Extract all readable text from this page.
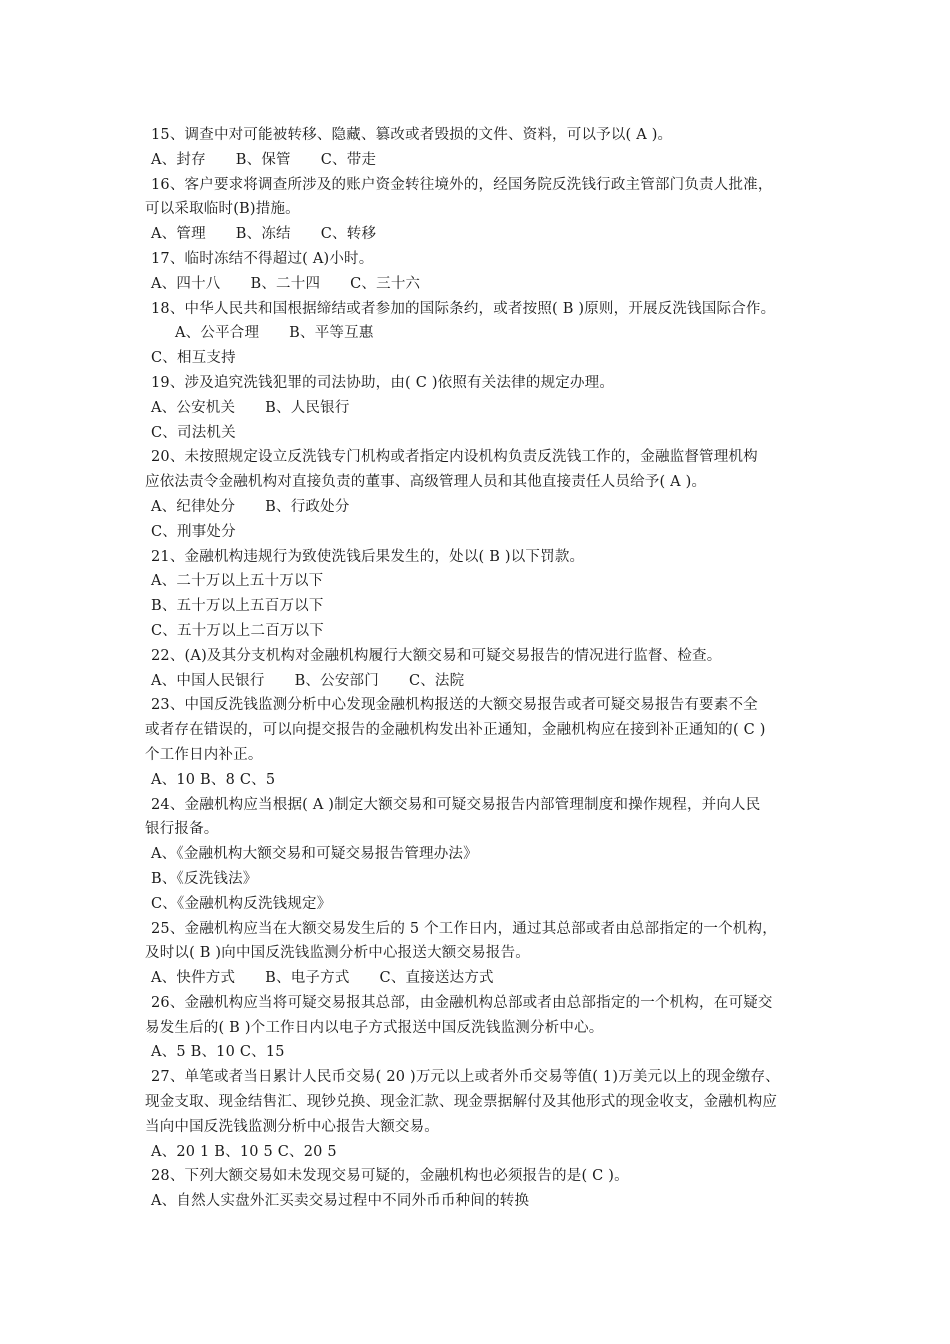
15、调查中对可能被转移、隐藏、篡改或者毁损的文件、资料，可以予以( A )。
A、封存 B、保管 C、带走
16、客户要求将调查所涉及的账户资金转往境外的，经国务院反洗钱行政主管部门负责人批准，
可以采取临时(B)措施。
A、管理 B、冻结 C、转移
17、临时冻结不得超过( A)小时。
A、四十八 B、二十四 C、三十六
18、中华人民共和国根据缔结或者参加的国际条约，或者按照( B )原则，开展反洗钱国际合作。
A、公平合理 B、平等互惠
C、相互支持
19、涉及追究洗钱犯罪的司法协助，由( C )依照有关法律的规定办理。
A、公安机关 B、人民银行
C、司法机关
20、未按照规定设立反洗钱专门机构或者指定内设机构负责反洗钱工作的，金融监督管理机构
应依法责令金融机构对直接负责的董事、高级管理人员和其他直接责任人员给予( A )。
A、纪律处分 B、行政处分
C、刑事处分
21、金融机构违规行为致使洗钱后果发生的，处以( B )以下罚款。
A、二十万以上五十万以下
B、五十万以上五百万以下
C、五十万以上二百万以下
22、(A)及其分支机构对金融机构履行大额交易和可疑交易报告的情况进行监督、检查。
A、中国人民银行 B、公安部门 C、法院
23、中国反洗钱监测分析中心发现金融机构报送的大额交易报告或者可疑交易报告有要素不全
或者存在错误的，可以向提交报告的金融机构发出补正通知，金融机构应在接到补正通知的( C )
个工作日内补正。
A、10 B、8 C、5
24、金融机构应当根据( A )制定大额交易和可疑交易报告内部管理制度和操作规程，并向人民
银行报备。
A、《金融机构大额交易和可疑交易报告管理办法》
B、《反洗钱法》
C、《金融机构反洗钱规定》
25、金融机构应当在大额交易发生后的 5 个工作日内，通过其总部或者由总部指定的一个机构，
及时以( B )向中国反洗钱监测分析中心报送大额交易报告。
A、快件方式 B、电子方式 C、直接送达方式
26、金融机构应当将可疑交易报其总部，由金融机构总部或者由总部指定的一个机构，在可疑交
易发生后的( B )个工作日内以电子方式报送中国反洗钱监测分析中心。
A、5 B、10 C、15
27、单笔或者当日累计人民币交易( 20 )万元以上或者外币交易等值( 1)万美元以上的现金缴存、
现金支取、现金结售汇、现钞兑换、现金汇款、现金票据解付及其他形式的现金收支，金融机构应
当向中国反洗钱监测分析中心报告大额交易。
A、20 1 B、10 5 C、20 5
28、下列大额交易如未发现交易可疑的，金融机构也必须报告的是( C )。
A、自然人实盘外汇买卖交易过程中不同外币币种间的转换
